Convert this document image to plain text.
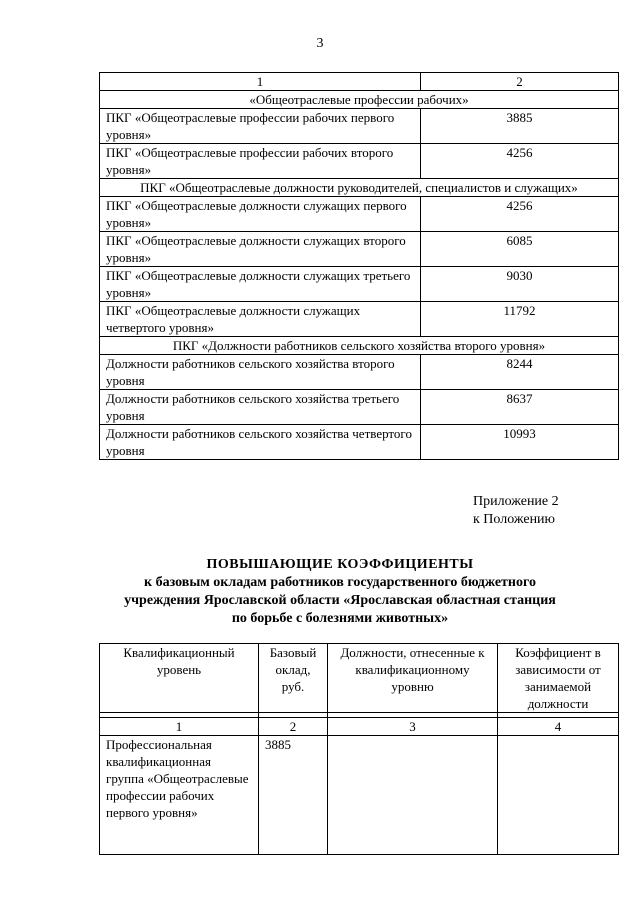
3
1	2
«Общеотраслевые профессии рабочих»	
ПКГ «Общеотраслевые профессии рабочих первого уровня»	3885
ПКГ «Общеотраслевые профессии рабочих второго уровня»	4256
ПКГ «Общеотраслевые должности руководителей, специалистов и служащих»	
ПКГ «Общеотраслевые должности служащих первого уровня»	4256
ПКГ «Общеотраслевые должности служащих второго уровня»	6085
ПКГ «Общеотраслевые должности служащих третьего уровня»	9030
ПКГ «Общеотраслевые должности служащих четвертого уровня»	11792
ПКГ «Должности работников сельского хозяйства второго уровня»	
Должности работников сельского хозяйства второго уровня	8244
Должности работников сельского хозяйства третьего уровня	8637
Должности работников сельского хозяйства четвертого уровня	10993
Приложение 2
к Положению
ПОВЫШАЮЩИЕ КОЭФФИЦИЕНТЫ
к базовым окладам работников государственного бюджетного
учреждения Ярославской области «Ярославская областная станция
по борьбе с болезнями животных»
Квалификационный уровень	Базовый оклад, руб.	Должности, отнесенные к квалификационному уровню	Коэффициент в зависимости от занимаемой должности

1	2	3	4
Профессиональная квалификационная группа «Общеотраслевые профессии рабочих первого уровня»	3885		
